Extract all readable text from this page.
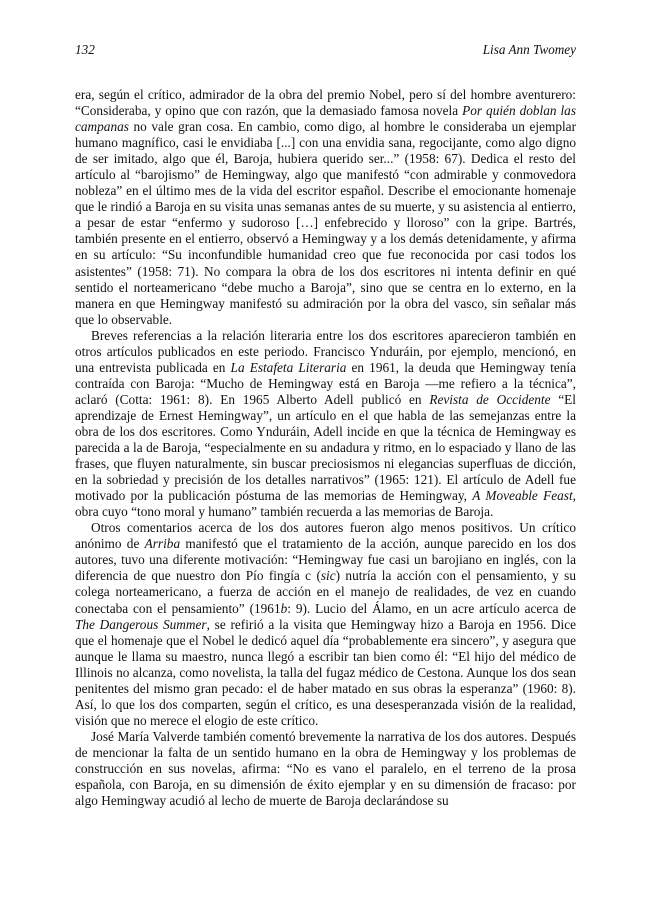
132	Lisa Ann Twomey

era, según el crítico, admirador de la obra del premio Nobel, pero sí del hombre aventurero: “Consideraba, y opino que con razón, que la demasiado famosa novela Por quién doblan las campanas no vale gran cosa. En cambio, como digo, al hombre le consideraba un ejemplar humano magnífico, casi le envidiaba [...] con una envidia sana, regocijante, como algo digno de ser imitado, algo que él, Baroja, hubiera querido ser...” (1958: 67). Dedica el resto del artículo al “barojismo” de Hemingway, algo que manifestó “con admirable y conmovedora nobleza” en el último mes de la vida del escritor español. Describe el emocionante homenaje que le rindió a Baroja en su visita unas semanas antes de su muerte, y su asistencia al entierro, a pesar de estar “enfermo y sudoroso […] enfebrecido y lloroso” con la gripe. Bartrés, también presente en el entierro, observó a Hemingway y a los demás detenidamente, y afirma en su artículo: “Su inconfundible humanidad creo que fue reconocida por casi todos los asistentes” (1958: 71). No compara la obra de los dos escritores ni intenta definir en qué sentido el norteamericano “debe mucho a Baroja”, sino que se centra en lo externo, en la manera en que Hemingway manifestó su admiración por la obra del vasco, sin señalar más que lo observable.

Breves referencias a la relación literaria entre los dos escritores aparecieron también en otros artículos publicados en este periodo. Francisco Ynduráin, por ejemplo, mencionó, en una entrevista publicada en La Estafeta Literaria en 1961, la deuda que Hemingway tenía contraída con Baroja: “Mucho de Hemingway está en Baroja —me refiero a la técnica”, aclaró (Cotta: 1961: 8). En 1965 Alberto Adell publicó en Revista de Occidente “El aprendizaje de Ernest Hemingway”, un artículo en el que habla de las semejanzas entre la obra de los dos escritores. Como Ynduráin, Adell incide en que la técnica de Hemingway es parecida a la de Baroja, “especialmente en su andadura y ritmo, en lo espaciado y llano de las frases, que fluyen naturalmente, sin buscar preciosismos ni elegancias superfluas de dicción, en la sobriedad y precisión de los detalles narrativos” (1965: 121). El artículo de Adell fue motivado por la publicación póstuma de las memorias de Hemingway, A Moveable Feast, obra cuyo “tono moral y humano” también recuerda a las memorias de Baroja.

Otros comentarios acerca de los dos autores fueron algo menos positivos. Un crítico anónimo de Arriba manifestó que el tratamiento de la acción, aunque parecido en los dos autores, tuvo una diferente motivación: “Hemingway fue casi un barojiano en inglés, con la diferencia de que nuestro don Pío fingía c (sic) nutría la acción con el pensamiento, y su colega norteamericano, a fuerza de acción en el manejo de realidades, de vez en cuando conectaba con el pensamiento” (1961b: 9). Lucio del Álamo, en un acre artículo acerca de The Dangerous Summer, se refirió a la visita que Hemingway hizo a Baroja en 1956. Dice que el homenaje que el Nobel le dedicó aquel día “probablemente era sincero”, y asegura que aunque le llama su maestro, nunca llegó a escribir tan bien como él: “El hijo del médico de Illinois no alcanza, como novelista, la talla del fugaz médico de Cestona. Aunque los dos sean penitentes del mismo gran pecado: el de haber matado en sus obras la esperanza” (1960: 8). Así, lo que los dos comparten, según el crítico, es una desesperanzada visión de la realidad, visión que no merece el elogio de este crítico.

José María Valverde también comentó brevemente la narrativa de los dos autores. Después de mencionar la falta de un sentido humano en la obra de Hemingway y los problemas de construcción en sus novelas, afirma: “No es vano el paralelo, en el terreno de la prosa española, con Baroja, en su dimensión de éxito ejemplar y en su dimensión de fracaso: por algo Hemingway acudió al lecho de muerte de Baroja declarándose su
